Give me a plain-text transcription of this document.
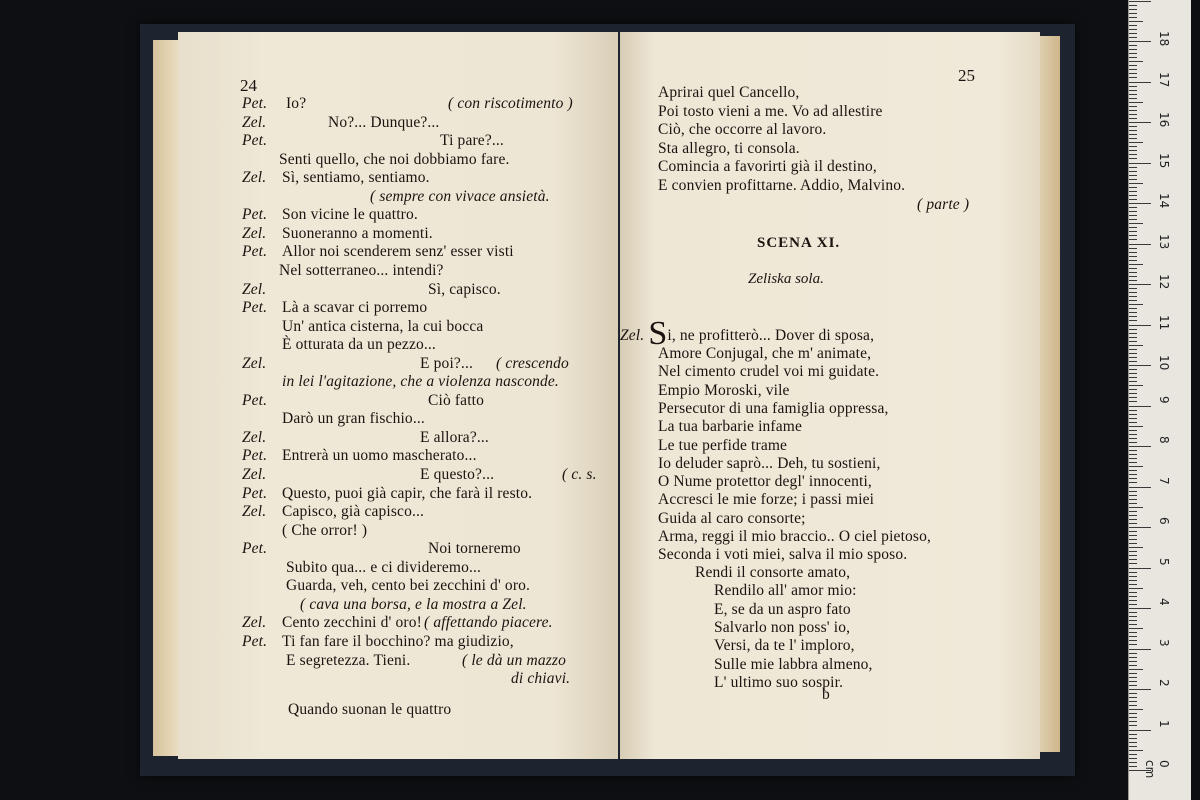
24
Pet. Io?	( con riscotimento )
Zel.	No?... Dunque?...
Pet.	Ti pare?...
Senti quello, che noi dobbiamo fare.
Zel. Sì, sentiamo, sentiamo.
( sempre con vivace ansietà.
Pet. Son vicine le quattro.
Zel. Suoneranno a momenti.
Pet. Allor noi scenderem senz' esser visti
Nel sotterraneo... intendi?
Zel.	Sì, capisco.
Pet. Là a scavar ci porremo
Un' antica cisterna, la cui bocca
È otturata da un pezzo...
Zel.	E poi?... ( crescendo
in lei l'agitazione, che a violenza nasconde.
Pet.	Ciò fatto
Darò un gran fischio...
Zel.	E allora?...
Pet. Entrerà un uomo mascherato...
Zel.	E questo?...	( c. s.
Pet. Questo, puoi già capir, che farà il resto.
Zel. Capisco, già capisco...
( Che orror! )
Pet.	Noi torneremo
Subito qua... e ci divideremo...
Guarda, veh, cento bei zecchini d' oro.
( cava una borsa, e la mostra a Zel.
Zel. Cento zecchini d' oro! ( affettando piacere.
Pet. Ti fan fare il bocchino? ma giudizio,
E segretezza. Tieni.	( le dà un mazzo
di chiavi.
Quando suonan le quattro
25
Aprirai quel Cancello,
Poi tosto vieni a me. Vo ad allestire
Ciò, che occorre al lavoro.
Sta allegro, ti consola.
Comincia a favorirti già il destino,
E convien profittarne. Addio, Malvino.
( parte )
SCENA XI.
Zeliska sola.
Zel. Si, ne profitterò... Dover di sposa,
Amore Conjugal, che m' animate,
Nel cimento crudel voi mi guidate.
Empio Moroski, vile
Persecutor di una famiglia oppressa,
La tua barbarie infame
Le tue perfide trame
Io deluder saprò... Deh, tu sostieni,
O Nume protettor degl' innocenti,
Accresci le mie forze; i passi miei
Guida al caro consorte;
Arma, reggi il mio braccio.. O ciel pietoso,
Seconda i voti miei, salva il mio sposo.
Rendi il consorte amato,
Rendilo all' amor mio:
E, se da un aspro fato
Salvarlo non poss' io,
Versi, da te l' imploro,
Sulle mie labbra almeno,
L' ultimo suo sospir.
b
0 cm
1
2
3
4
5
6
7
8
9
10
11
12
13
14
15
16
17
18
